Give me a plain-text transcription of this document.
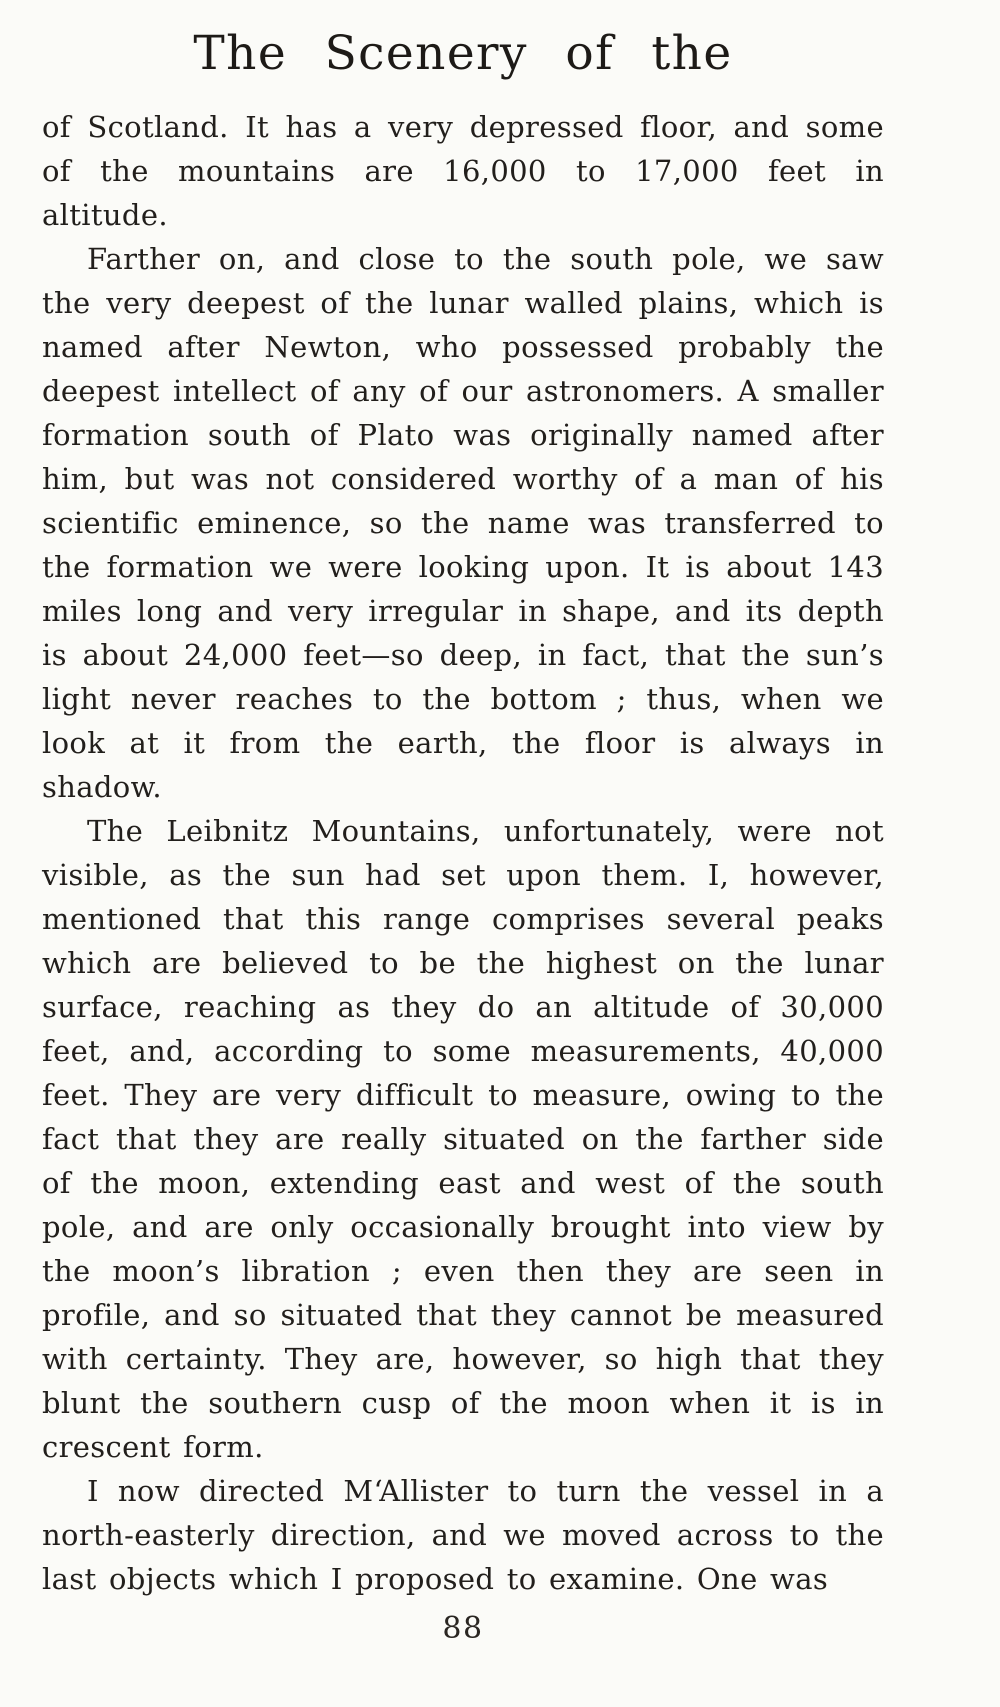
The Scenery of the

of Scotland. It has a very depressed floor, and some of the mountains are 16,000 to 17,000 feet in altitude.

Farther on, and close to the south pole, we saw the very deepest of the lunar walled plains, which is named after Newton, who possessed probably the deepest intellect of any of our astronomers. A smaller formation south of Plato was originally named after him, but was not considered worthy of a man of his scientific eminence, so the name was transferred to the formation we were looking upon. It is about 143 miles long and very irregular in shape, and its depth is about 24,000 feet—so deep, in fact, that the sun’s light never reaches to the bottom ; thus, when we look at it from the earth, the floor is always in shadow.

The Leibnitz Mountains, unfortunately, were not visible, as the sun had set upon them. I, however, mentioned that this range comprises several peaks which are believed to be the highest on the lunar surface, reaching as they do an altitude of 30,000 feet, and, according to some measurements, 40,000 feet. They are very difficult to measure, owing to the fact that they are really situated on the farther side of the moon, extending east and west of the south pole, and are only occasionally brought into view by the moon’s libration ; even then they are seen in profile, and so situated that they cannot be measured with certainty. They are, however, so high that they blunt the southern cusp of the moon when it is in crescent form.

I now directed M‘Allister to turn the vessel in a north-easterly direction, and we moved across to the last objects which I proposed to examine. One was

88
